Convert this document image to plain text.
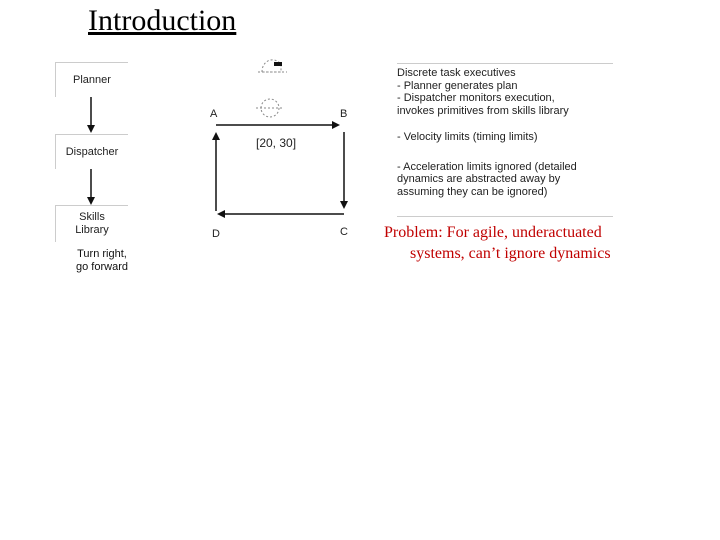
Introduction
Planner
Dispatcher
Skills
Library
Turn right,
go forward
A	B
C
D
[20, 30]
Discrete task executives
- Planner generates plan
- Dispatcher monitors execution,
invokes primitives from skills library
- Velocity limits (timing limits)
- Acceleration limits ignored (detailed
dynamics are abstracted away by
assuming they can be ignored)
Problem: For agile, underactuated
systems, can’t ignore dynamics
